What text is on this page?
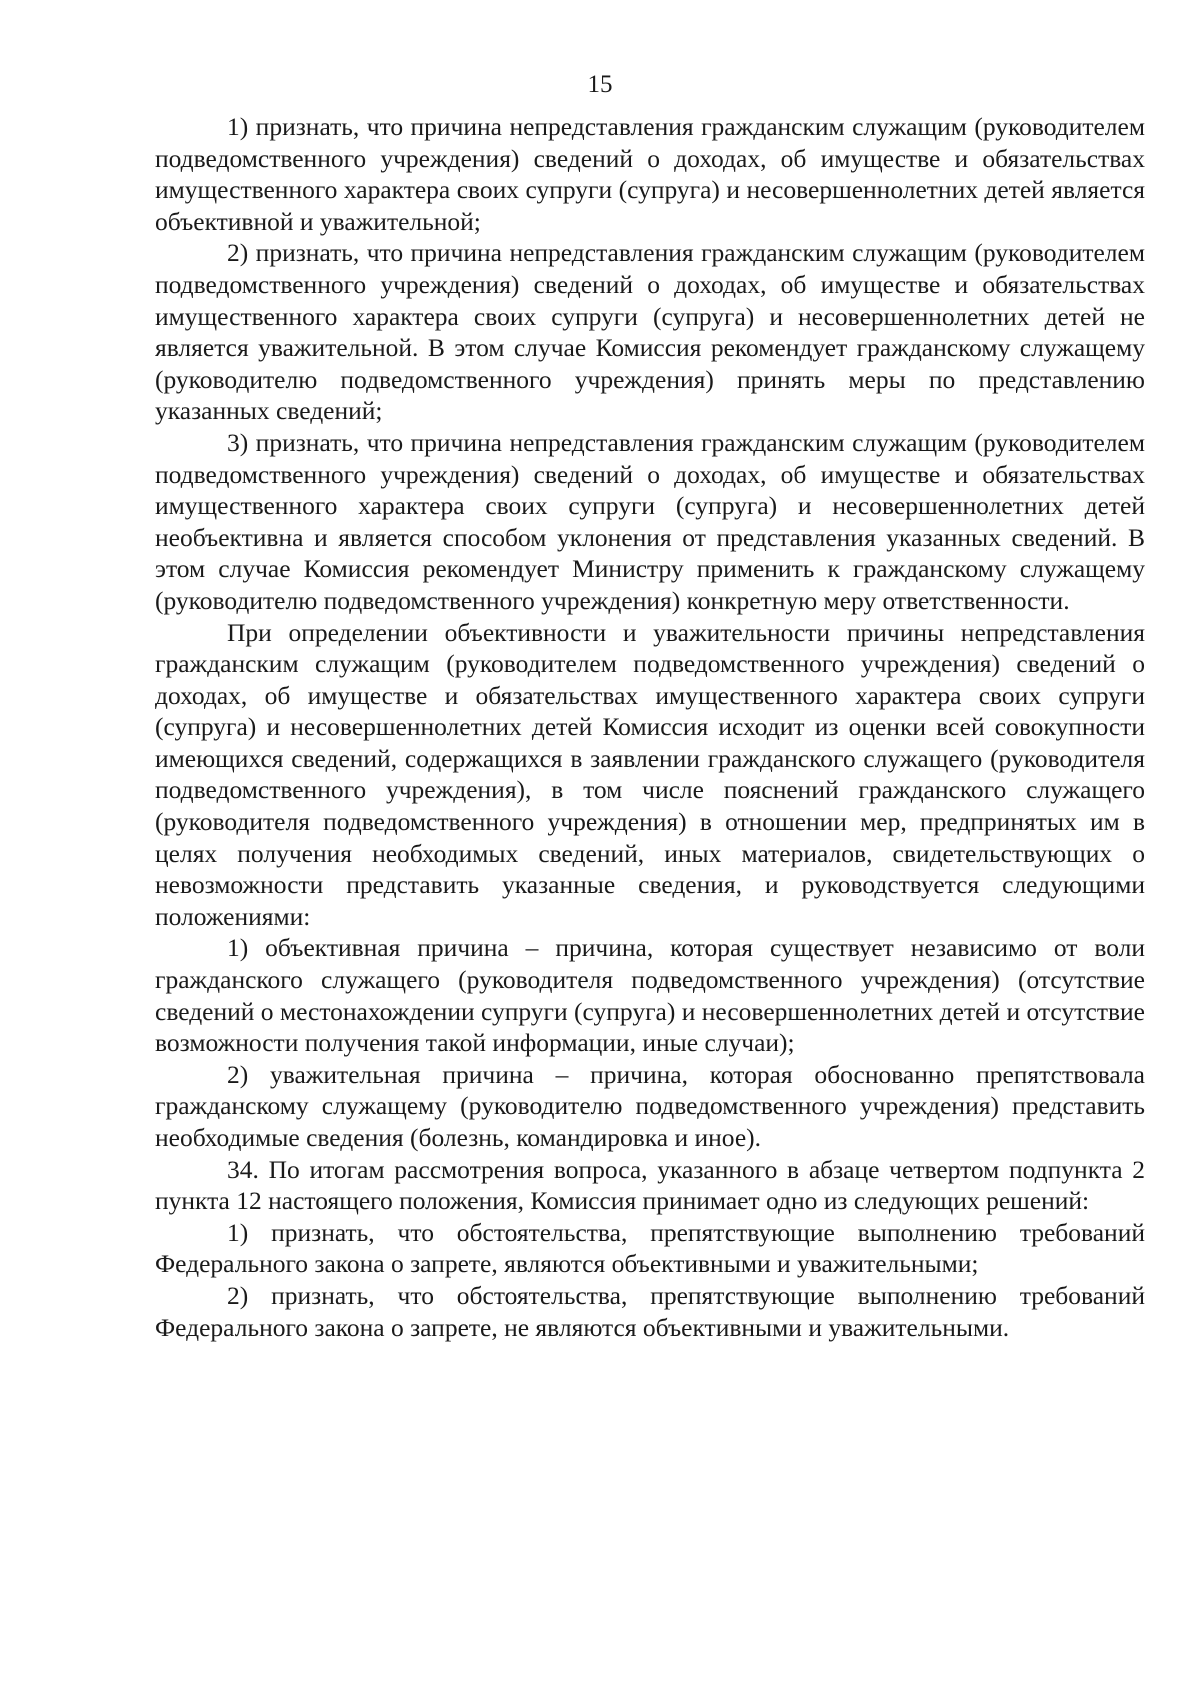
15

1) признать, что причина непредставления гражданским служащим (руководителем подведомственного учреждения) сведений о доходах, об имуществе и обязательствах имущественного характера своих супруги (супруга) и несовершеннолетних детей является объективной и уважительной;

2) признать, что причина непредставления гражданским служащим (руководителем подведомственного учреждения) сведений о доходах, об имуществе и обязательствах имущественного характера своих супруги (супруга) и несовершеннолетних детей не является уважительной. В этом случае Комиссия рекомендует гражданскому служащему (руководителю подведомственного учреждения) принять меры по представлению указанных сведений;

3) признать, что причина непредставления гражданским служащим (руководителем подведомственного учреждения) сведений о доходах, об имуществе и обязательствах имущественного характера своих супруги (супруга) и несовершеннолетних детей необъективна и является способом уклонения от представления указанных сведений. В этом случае Комиссия рекомендует Министру применить к гражданскому служащему (руководителю подведомственного учреждения) конкретную меру ответственности.

При определении объективности и уважительности причины непредставления гражданским служащим (руководителем подведомственного учреждения) сведений о доходах, об имуществе и обязательствах имущественного характера своих супруги (супруга) и несовершеннолетних детей Комиссия исходит из оценки всей совокупности имеющихся сведений, содержащихся в заявлении гражданского служащего (руководителя подведомственного учреждения), в том числе пояснений гражданского служащего (руководителя подведомственного учреждения) в отношении мер, предпринятых им в целях получения необходимых сведений, иных материалов, свидетельствующих о невозможности представить указанные сведения, и руководствуется следующими положениями:

1) объективная причина – причина, которая существует независимо от воли гражданского служащего (руководителя подведомственного учреждения) (отсутствие сведений о местонахождении супруги (супруга) и несовершеннолетних детей и отсутствие возможности получения такой информации, иные случаи);

2) уважительная причина – причина, которая обоснованно препятствовала гражданскому служащему (руководителю подведомственного учреждения) представить необходимые сведения (болезнь, командировка и иное).

34. По итогам рассмотрения вопроса, указанного в абзаце четвертом подпункта 2 пункта 12 настоящего положения, Комиссия принимает одно из следующих решений:

1) признать, что обстоятельства, препятствующие выполнению требований Федерального закона о запрете, являются объективными и уважительными;

2) признать, что обстоятельства, препятствующие выполнению требований Федерального закона о запрете, не являются объективными и уважительными.
